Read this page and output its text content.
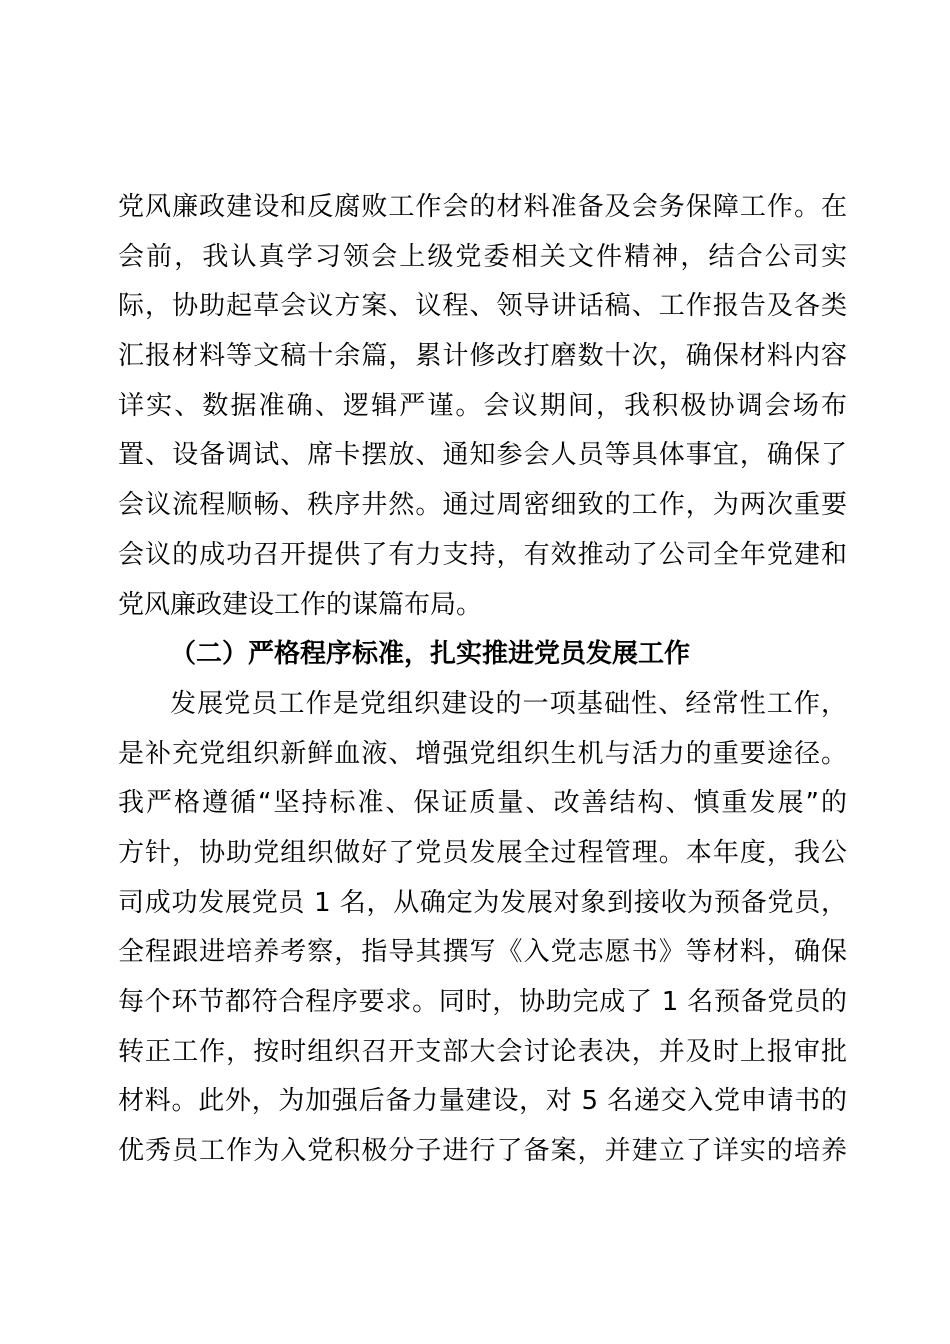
党风廉政建设和反腐败工作会的材料准备及会务保障工作。在
会前，我认真学习领会上级党委相关文件精神，结合公司实
际，协助起草会议方案、议程、领导讲话稿、工作报告及各类
汇报材料等文稿十余篇，累计修改打磨数十次，确保材料内容
详实、数据准确、逻辑严谨。会议期间，我积极协调会场布
置、设备调试、席卡摆放、通知参会人员等具体事宜，确保了
会议流程顺畅、秩序井然。通过周密细致的工作，为两次重要
会议的成功召开提供了有力支持，有效推动了公司全年党建和
党风廉政建设工作的谋篇布局。
（二）严格程序标准，扎实推进党员发展工作
发展党员工作是党组织建设的一项基础性、经常性工作，
是补充党组织新鲜血液、增强党组织生机与活力的重要途径。
我严格遵循“坚持标准、保证质量、改善结构、慎重发展”的
方针，协助党组织做好了党员发展全过程管理。本年度，我公
司成功发展党员 1 名，从确定为发展对象到接收为预备党员，
全程跟进培养考察，指导其撰写《入党志愿书》等材料，确保
每个环节都符合程序要求。同时，协助完成了 1 名预备党员的
转正工作，按时组织召开支部大会讨论表决，并及时上报审批
材料。此外，为加强后备力量建设，对 5 名递交入党申请书的
优秀员工作为入党积极分子进行了备案，并建立了详实的培养
